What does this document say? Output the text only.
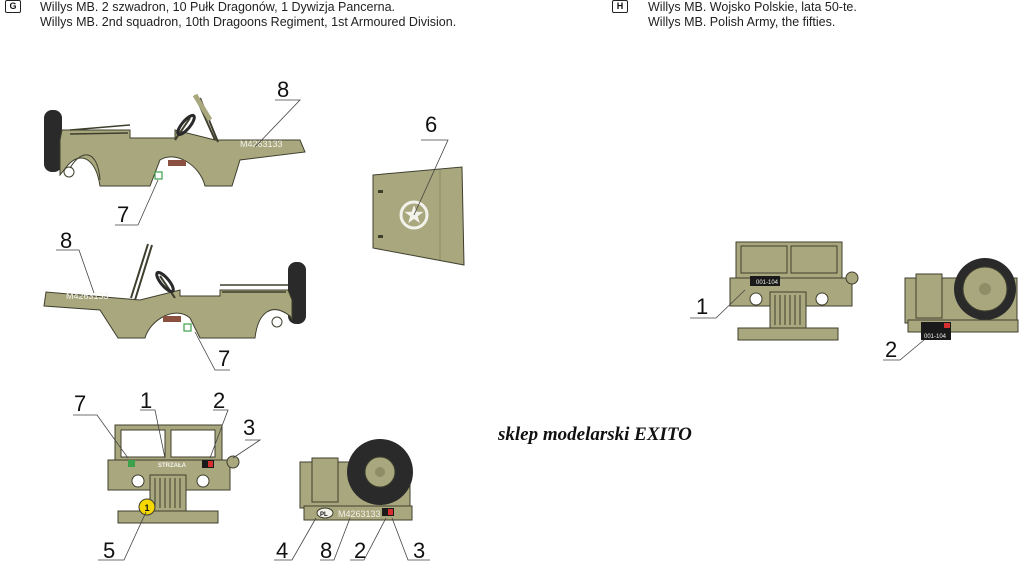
G	Willys MB. 2 szwadron, 10 Pułk Dragonów, 1 Dywizja Pancerna.
Willys MB. 2nd squadron, 10th Dragoons Regiment, 1st Armoured Division.
H	Willys MB. Wojsko Polskie, lata 50-te.
Willys MB. Polish Army, the fifties.
M4263133
M4263133
STRZAŁA
1
PL M4263133
001-104
001-104
8
7
6
8
7
7 1	2
3
5	4 8 2 3
1
2
sklep modelarski EXITO
